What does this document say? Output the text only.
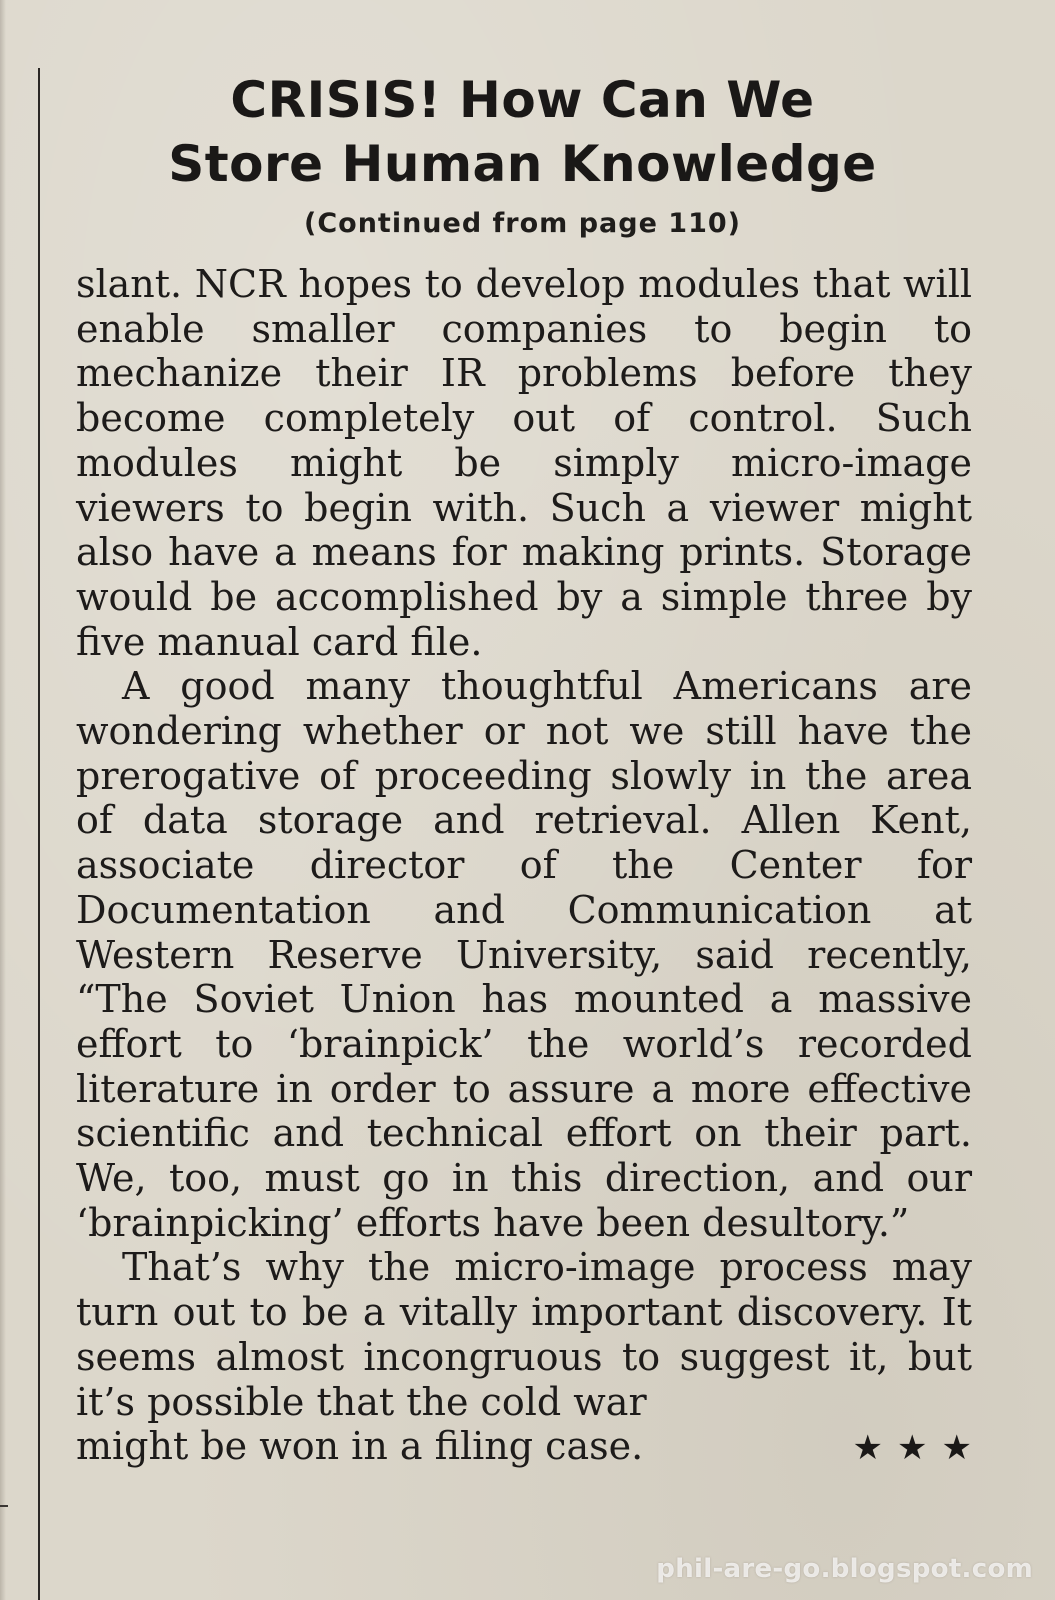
CRISIS! How Can We
Store Human Knowledge
(Continued from page 110)

slant. NCR hopes to develop modules that will enable smaller companies to begin to mechanize their IR problems before they become completely out of control. Such modules might be simply micro-image viewers to begin with. Such a viewer might also have a means for making prints. Storage would be accomplished by a simple three by five manual card file.

A good many thoughtful Americans are wondering whether or not we still have the prerogative of proceeding slowly in the area of data storage and retrieval. Allen Kent, associate director of the Center for Documentation and Communication at Western Reserve University, said recently, “The Soviet Union has mounted a massive effort to ‘brainpick’ the world’s recorded literature in order to assure a more effective scientific and technical effort on their part. We, too, must go in this direction, and our ‘brainpicking’ efforts have been desultory.”

That’s why the micro-image process may turn out to be a vitally important discovery. It seems almost incongruous to suggest it, but it’s possible that the cold war

might be won in a filing case.	★★★
phil-are-go.blogspot.com
